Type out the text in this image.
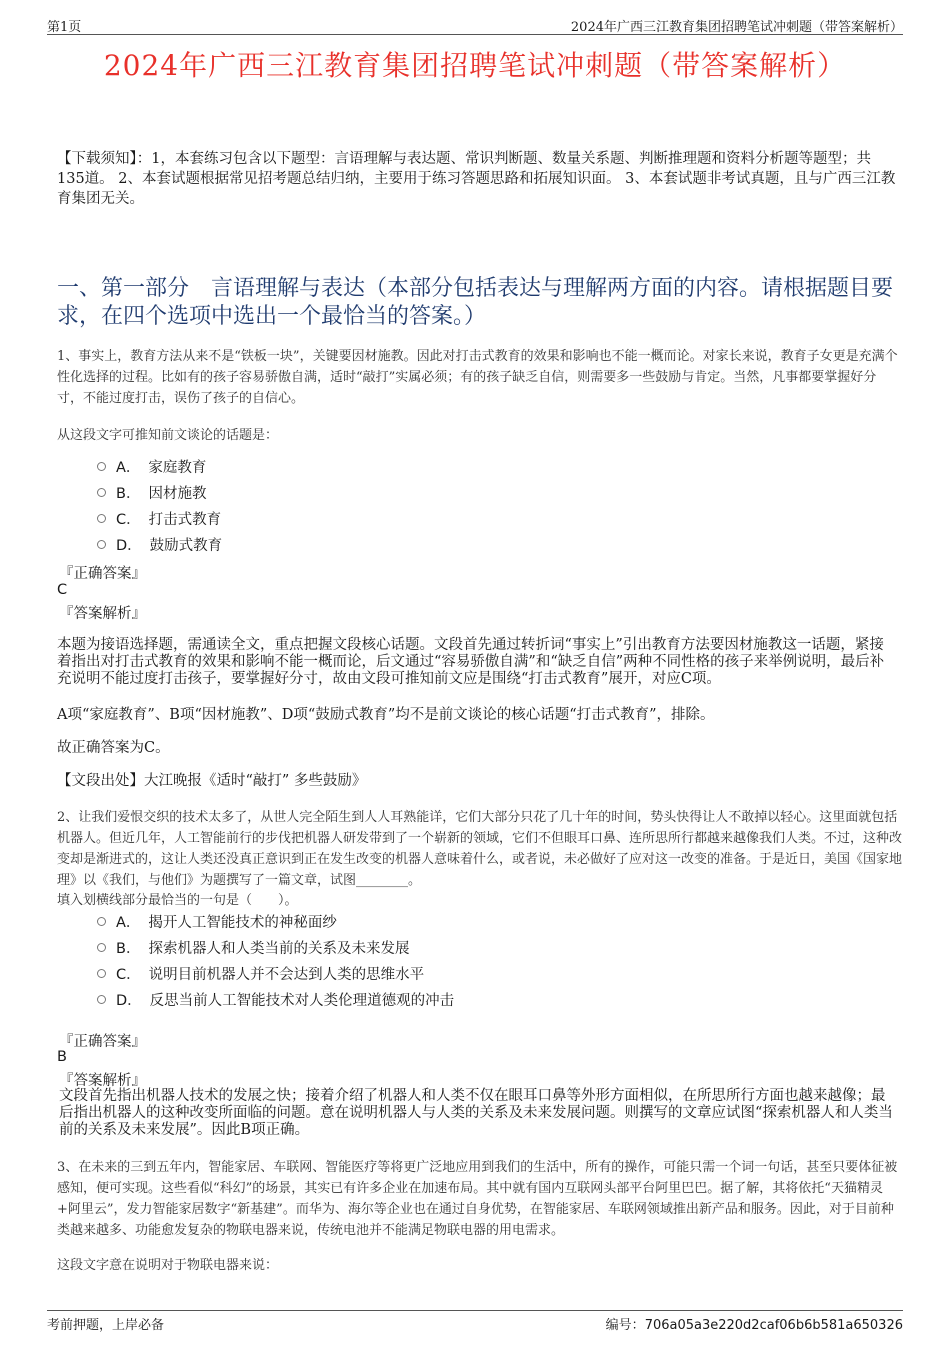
第1页	2024年广西三江教育集团招聘笔试冲刺题（带答案解析）
2024年广西三江教育集团招聘笔试冲刺题（带答案解析）
【下载须知】：1，本套练习包含以下题型：言语理解与表达题、常识判断题、数量关系题、判断推理题和资料分析题等题型；共135道。 2、本套试题根据常见招考题总结归纳，主要用于练习答题思路和拓展知识面。 3、本套试题非考试真题，且与广西三江教育集团无关。
一、第一部分　言语理解与表达（本部分包括表达与理解两方面的内容。请根据题目要求，在四个选项中选出一个最恰当的答案。）
1、事实上，教育方法从来不是“铁板一块”，关键要因材施教。因此对打击式教育的效果和影响也不能一概而论。对家长来说，教育子女更是充满个性化选择的过程。比如有的孩子容易骄傲自满，适时“敲打”实属必须；有的孩子缺乏自信，则需要多一些鼓励与肯定。当然，凡事都要掌握好分寸，不能过度打击，误伤了孩子的自信心。
从这段文字可推知前文谈论的话题是：
A． 家庭教育
B． 因材施教
C． 打击式教育
D． 鼓励式教育
『正确答案』
C
『答案解析』
本题为接语选择题，需通读全文，重点把握文段核心话题。文段首先通过转折词“事实上”引出教育方法要因材施教这一话题，紧接着指出对打击式教育的效果和影响不能一概而论，后文通过“容易骄傲自满”和“缺乏自信”两种不同性格的孩子来举例说明，最后补充说明不能过度打击孩子，要掌握好分寸，故由文段可推知前文应是围绕“打击式教育”展开，对应C项。
A项“家庭教育”、B项“因材施教”、D项“鼓励式教育”均不是前文谈论的核心话题“打击式教育”，排除。
故正确答案为C。
【文段出处】大江晚报《适时“敲打” 多些鼓励》
2、让我们爱恨交织的技术太多了，从世人完全陌生到人人耳熟能详，它们大部分只花了几十年的时间，势头快得让人不敢掉以轻心。这里面就包括机器人。但近几年，人工智能前行的步伐把机器人研发带到了一个崭新的领域，它们不但眼耳口鼻、连所思所行都越来越像我们人类。不过，这种改变却是渐进式的，这让人类还没真正意识到正在发生改变的机器人意味着什么，或者说，未必做好了应对这一改变的准备。于是近日，美国《国家地理》以《我们，与他们》为题撰写了一篇文章，试图________。
填入划横线部分最恰当的一句是（　　）。
A． 揭开人工智能技术的神秘面纱
B． 探索机器人和人类当前的关系及未来发展
C． 说明目前机器人并不会达到人类的思维水平
D． 反思当前人工智能技术对人类伦理道德观的冲击
『正确答案』
B
『答案解析』
文段首先指出机器人技术的发展之快；接着介绍了机器人和人类不仅在眼耳口鼻等外形方面相似，在所思所行方面也越来越像；最后指出机器人的这种改变所面临的问题。意在说明机器人与人类的关系及未来发展问题。则撰写的文章应试图“探索机器人和人类当前的关系及未来发展”。因此B项正确。
3、在未来的三到五年内，智能家居、车联网、智能医疗等将更广泛地应用到我们的生活中，所有的操作，可能只需一个词一句话，甚至只要体征被感知，便可实现。这些看似“科幻”的场景，其实已有许多企业在加速布局。其中就有国内互联网头部平台阿里巴巴。据了解，其将依托“天猫精灵+阿里云”，发力智能家居数字“新基建”。而华为、海尔等企业也在通过自身优势，在智能家居、车联网领域推出新产品和服务。因此，对于目前种类越来越多、功能愈发复杂的物联电器来说，传统电池并不能满足物联电器的用电需求。
这段文字意在说明对于物联电器来说：
考前押题，上岸必备	编号：706a05a3e220d2caf06b6b581a650326
